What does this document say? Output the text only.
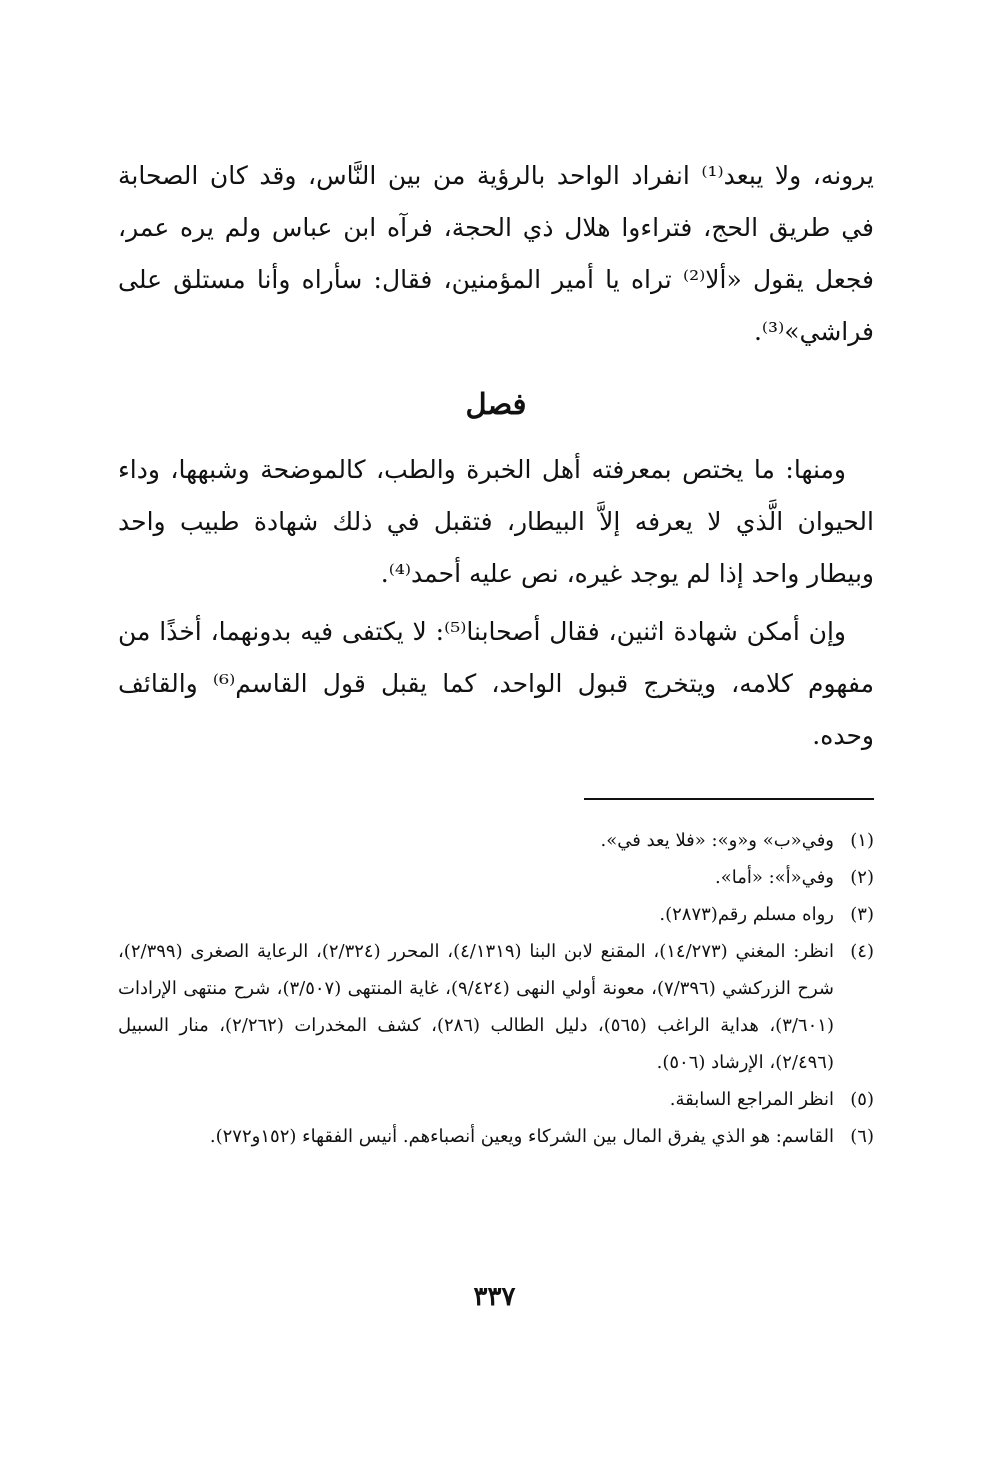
يرونه، ولا يبعد⁽¹⁾ انفراد الواحد بالرؤية من بين النَّاس، وقد كان الصحابة في طريق الحج، فتراءوا هلال ذي الحجة، فرآه ابن عباس ولم يره عمر، فجعل يقول «ألا⁽²⁾ تراه يا أمير المؤمنين، فقال: سأراه وأنا مستلق على فراشي»⁽³⁾.

فصل

ومنها: ما يختص بمعرفته أهل الخبرة والطب، كالموضحة وشبهها، وداء الحيوان الَّذي لا يعرفه إلاَّ البيطار، فتقبل في ذلك شهادة طبيب واحد وبيطار واحد إذا لم يوجد غيره، نص عليه أحمد⁽⁴⁾.

وإن أمكن شهادة اثنين، فقال أصحابنا⁽⁵⁾: لا يكتفى فيه بدونهما، أخذًا من مفهوم كلامه، ويتخرج قبول الواحد، كما يقبل قول القاسم⁽⁶⁾ والقائف وحده.

(١)
وفي«ب» و«و»: «فلا يعد في».
(٢)
وفي«أ»: «أما».
(٣)
رواه مسلم رقم(٢٨٧٣).
(٤)
انظر: المغني (١٤/٢٧٣)، المقنع لابن البنا (٤/١٣١٩)، المحرر (٢/٣٢٤)، الرعاية الصغرى (٢/٣٩٩)، شرح الزركشي (٧/٣٩٦)، معونة أولي النهى (٩/٤٢٤)، غاية المنتهى (٣/٥٠٧)، شرح منتهى الإرادات (٣/٦٠١)، هداية الراغب (٥٦٥)، دليل الطالب (٢٨٦)، كشف المخدرات (٢/٢٦٢)، منار السبيل (٢/٤٩٦)، الإرشاد (٥٠٦).
(٥)
انظر المراجع السابقة.
(٦)
القاسم: هو الذي يفرق المال بين الشركاء ويعين أنصباءهم. أنيس الفقهاء (١٥٢و٢٧٢).
٣٣٧
